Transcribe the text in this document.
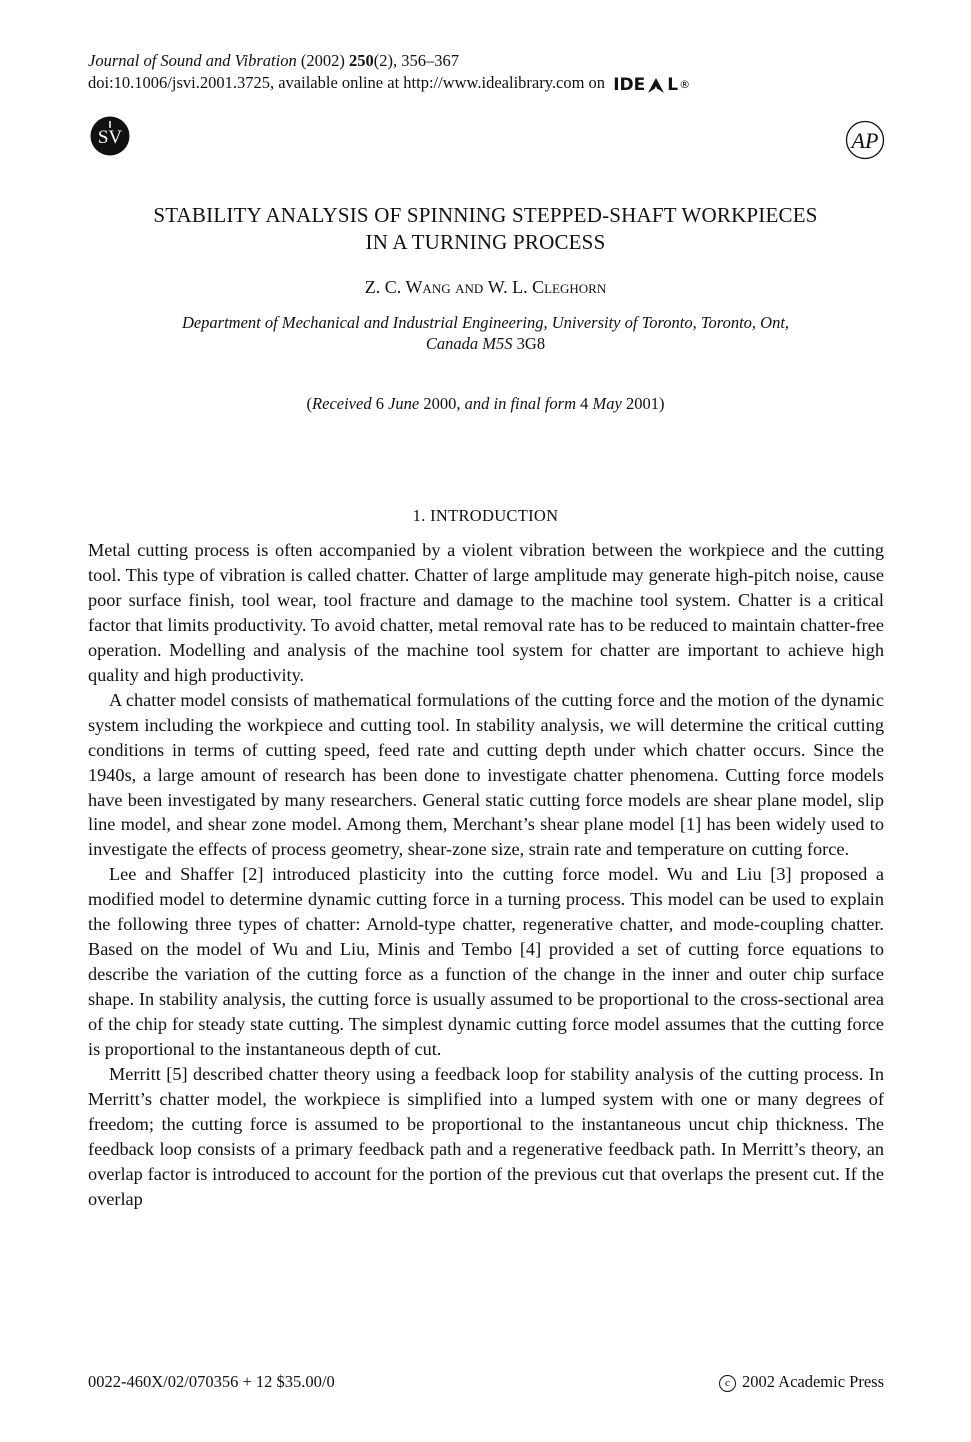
Journal of Sound and Vibration (2002) 250(2), 356–367
doi:10.1006/jsvi.2001.3725, available online at http://www.idealibrary.com on IDE L ®
SV	AP
STABILITY ANALYSIS OF SPINNING STEPPED-SHAFT WORKPIECES
IN A TURNING PROCESS
Z. C. Wang and W. L. Cleghorn
Department of Mechanical and Industrial Engineering, University of Toronto, Toronto, Ont,
Canada M5S 3G8
(Received 6 June 2000, and in final form 4 May 2001)
1. INTRODUCTION

Metal cutting process is often accompanied by a violent vibration between the workpiece and the cutting tool. This type of vibration is called chatter. Chatter of large amplitude may generate high-pitch noise, cause poor surface finish, tool wear, tool fracture and damage to the machine tool system. Chatter is a critical factor that limits productivity. To avoid chatter, metal removal rate has to be reduced to maintain chatter-free operation. Modelling and analysis of the machine tool system for chatter are important to achieve high quality and high productivity.

A chatter model consists of mathematical formulations of the cutting force and the motion of the dynamic system including the workpiece and cutting tool. In stability analysis, we will determine the critical cutting conditions in terms of cutting speed, feed rate and cutting depth under which chatter occurs. Since the 1940s, a large amount of research has been done to investigate chatter phenomena. Cutting force models have been investigated by many researchers. General static cutting force models are shear plane model, slip line model, and shear zone model. Among them, Merchant’s shear plane model [1] has been widely used to investigate the effects of process geometry, shear-zone size, strain rate and temperature on cutting force.

Lee and Shaffer [2] introduced plasticity into the cutting force model. Wu and Liu [3] proposed a modified model to determine dynamic cutting force in a turning process. This model can be used to explain the following three types of chatter: Arnold-type chatter, regenerative chatter, and mode-coupling chatter. Based on the model of Wu and Liu, Minis and Tembo [4] provided a set of cutting force equations to describe the variation of the cutting force as a function of the change in the inner and outer chip surface shape. In stability analysis, the cutting force is usually assumed to be proportional to the cross-sectional area of the chip for steady state cutting. The simplest dynamic cutting force model assumes that the cutting force is proportional to the instantaneous depth of cut.

Merritt [5] described chatter theory using a feedback loop for stability analysis of the cutting process. In Merritt’s chatter model, the workpiece is simplified into a lumped system with one or many degrees of freedom; the cutting force is assumed to be proportional to the instantaneous uncut chip thickness. The feedback loop consists of a primary feedback path and a regenerative feedback path. In Merritt’s theory, an overlap factor is introduced to account for the portion of the previous cut that overlaps the present cut. If the overlap

0022-460X/02/070356 + 12 $35.00/0	c 2002 Academic Press
